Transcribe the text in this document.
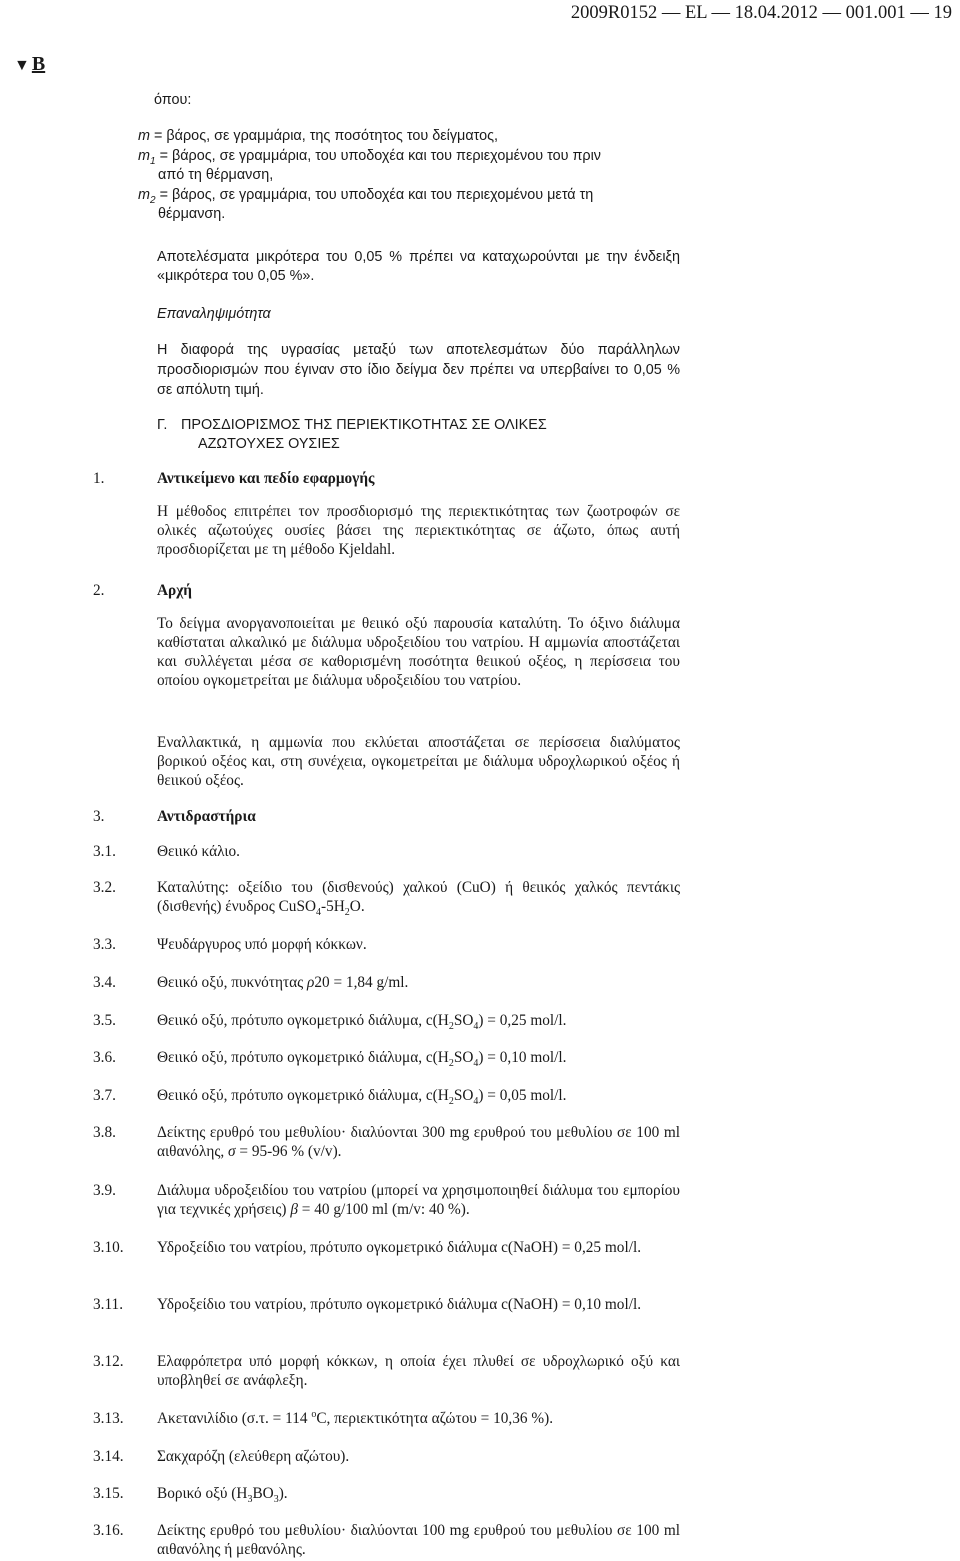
2009R0152 — EL — 18.04.2012 — 001.001 — 19
▼ B
όπου:
m = βάρος, σε γραμμάρια, της ποσότητος του δείγματος,
$m_1 = \beta ά\rho o\varsigma$, σε γραμμάρια, του υποδοχέα και του περιεχομένου του πριν
από τη θέρμανση,
$m_2 = \beta ά\rho o\varsigma$, σε γραμμάρια, του υποδοχέα και του περιεχομένου μετά τη
θέρμανση.
Αποτελέσματα μικρότερα του 0,05 % πρέπει να καταχωρούνται με την ένδειξη «μικρότερα του 0,05 %».
Επαναληψιμότητα
Η διαφορά της υγρασίας μεταξύ των αποτελεσμάτων δύο παράλληλων προσδιορισμών που έγιναν στο ίδιο δείγμα δεν πρέπει να υπερβαίνει το 0,05 % σε απόλυτη τιμή.
Γ. ΠΡΟΣΔΙΟΡΙΣΜΟΣ ΤΗΣ ΠΕΡΙΕΚΤΙΚΟΤΗΤΑΣ ΣΕ ΟΛΙΚΕΣ
ΑΖΩΤΟΥΧΕΣ ΟΥΣΙΕΣ
1.	Αντικείμενο και πεδίο εφαρμογής
Η μέθοδος επιτρέπει τον προσδιορισμό της περιεκτικότητας των ζωοτροφών σε ολικές αζωτούχες ουσίες βάσει της περιεκτικότητας σε άζωτο, όπως αυτή προσδιορίζεται με τη μέθοδο Kjeldahl.
2.	Αρχή
Το δείγμα ανοργανοποιείται με θειικό οξύ παρουσία καταλύτη. Το όξινο διάλυμα καθίσταται αλκαλικό με διάλυμα υδροξειδίου του νατρίου. Η αμμωνία αποστάζεται και συλλέγεται μέσα σε καθορισμένη ποσότητα θειικού οξέος, η περίσσεια του οποίου ογκομετρείται με διάλυμα υδροξειδίου του νατρίου.
Εναλλακτικά, η αμμωνία που εκλύεται αποστάζεται σε περίσσεια διαλύματος βορικού οξέος και, στη συνέχεια, ογκομετρείται με διάλυμα υδροχλωρικού οξέος ή θειικού οξέος.
3.	Αντιδραστήρια
3.1.	Θειικό κάλιο.
3.2.	Καταλύτης: οξείδιο του (δισθενούς) χαλκού (CuO) ή θειικός χαλκός πεντάκις (δισθενής) ένυδρος $CuSO_4-5H_2O$.
3.3.	Ψευδάργυρος υπό μορφή κόκκων.
3.4.	Θειικό οξύ, πυκνότητας ρ20 = 1,84 g/ml.
3.5.	Θειικό οξύ, πρότυπο ογκομετρικό διάλυμα, $c(H_2SO_4) = 0,25$ mol/l.
3.6.	Θειικό οξύ, πρότυπο ογκομετρικό διάλυμα, $c(H_2SO_4) = 0,10$ mol/l.
3.7.	Θειικό οξύ, πρότυπο ογκομετρικό διάλυμα, $c(H_2SO_4) = 0,05$ mol/l.
3.8.	Δείκτης ερυθρό του μεθυλίου· διαλύονται 300 mg ερυθρού του μεθυλίου σε 100 ml αιθανόλης, σ = 95-96 % (v/v).
3.9.	Διάλυμα υδροξειδίου του νατρίου (μπορεί να χρησιμοποιηθεί διάλυμα του εμπορίου για τεχνικές χρήσεις) β = 40 g/100 ml (m/v: 40 %).
3.10. Υδροξείδιο του νατρίου, πρότυπο ογκομετρικό διάλυμα c(NaOH) = 0,25 mol/l.
3.11. Υδροξείδιο του νατρίου, πρότυπο ογκομετρικό διάλυμα c(NaOH) = 0,10 mol/l.
3.12. Ελαφρόπετρα υπό μορφή κόκκων, η οποία έχει πλυθεί σε υδροχλωρικό οξύ και υποβληθεί σε ανάφλεξη.
3.13. Ακετανιλίδιο (σ.τ. = 114 $^o$C, περιεκτικότητα αζώτου = 10,36 %).
3.14. Σακχαρόζη (ελεύθερη αζώτου).
3.15. Βορικό οξύ $(H_3BO_3)$.
3.16. Δείκτης ερυθρό του μεθυλίου· διαλύονται 100 mg ερυθρού του μεθυλίου σε 100 ml αιθανόλης ή μεθανόλης.
